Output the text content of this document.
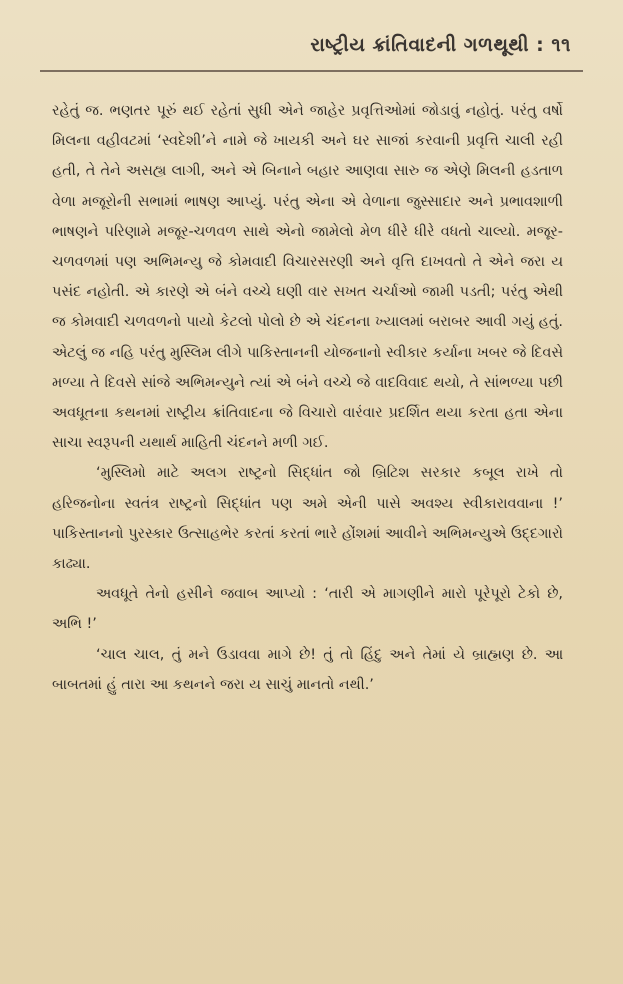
રાષ્ટ્રીય ક્રાંતિવાદની ગળથૂથી : ૧૧

રહેતું જ. ભણતર પૂરું થઈ રહેતાં સુધી એને જાહેર પ્રવૃત્તિઓમાં જોડાવું નહોતું. પરંતુ વર્ષો મિલના વહીવટમાં ‘સ્વદેશી’ને નામે જે ખાયકી અને ઘર સાજાં કરવાની પ્રવૃત્તિ ચાલી રહી હતી, તે તેને અસહ્ય લાગી, અને એ બિનાને બહાર આણવા સારુ જ એણે મિલની હડતાળ વેળા મજૂરોની સભામાં ભાષણ આપ્યું. પરંતુ એના એ વેળાના જુસ્સાદાર અને પ્રભાવશાળી ભાષણને પરિણામે મજૂર-ચળવળ સાથે એનો જામેલો મેળ ધીરે ધીરે વધતો ચાલ્યો. મજૂર-ચળવળમાં પણ અભિમન્યુ જે કોમવાદી વિચારસરણી અને વૃત્તિ દાખવતો તે એને જરા ય પસંદ નહોતી. એ કારણે એ બંને વચ્ચે ઘણી વાર સખત ચર્ચાઓ જામી પડતી; પરંતુ એથી જ કોમવાદી ચળવળનો પાયો કેટલો પોલો છે એ ચંદનના ખ્યાલમાં બરાબર આવી ગયું હતું. એટલું જ નહિ પરંતુ મુસ્લિમ લીગે પાકિસ્તાનની યોજનાનો સ્વીકાર કર્યાના ખબર જે દિવસે મળ્યા તે દિવસે સાંજે અભિમન્યુને ત્યાં એ બંને વચ્ચે જે વાદવિવાદ થયો, તે સાંભળ્યા પછી અવધૂતના કથનમાં રાષ્ટ્રીય ક્રાંતિવાદના જે વિચારો વારંવાર પ્રદર્શિત થયા કરતા હતા એના સાચા સ્વરૂપની યથાર્થ માહિતી ચંદનને મળી ગઈ.

‘મુસ્લિમો માટે અલગ રાષ્ટ્રનો સિદ્ધાંત જો બ્રિટિશ સરકાર કબૂલ રાખે તો હરિજનોના સ્વતંત્ર રાષ્ટ્રનો સિદ્ધાંત પણ અમે એની પાસે અવશ્ય સ્વીકારાવવાના !’ પાકિસ્તાનનો પુરસ્કાર ઉત્સાહભેર કરતાં કરતાં ભારે હોંશમાં આવીને અભિમન્યુએ ઉદ્દગારો કાઢ્યા.

અવધૂતે તેનો હસીને જવાબ આપ્યો : ‘તારી એ માગણીને મારો પૂરેપૂરો ટેકો છે, અભિ !’

‘ચાલ ચાલ, તું મને ઉડાવવા માગે છે! તું તો હિંદુ અને તેમાં યે બ્રાહ્મણ છે. આ બાબતમાં હું તારા આ કથનને જરા ય સાચું માનતો નથી.’
